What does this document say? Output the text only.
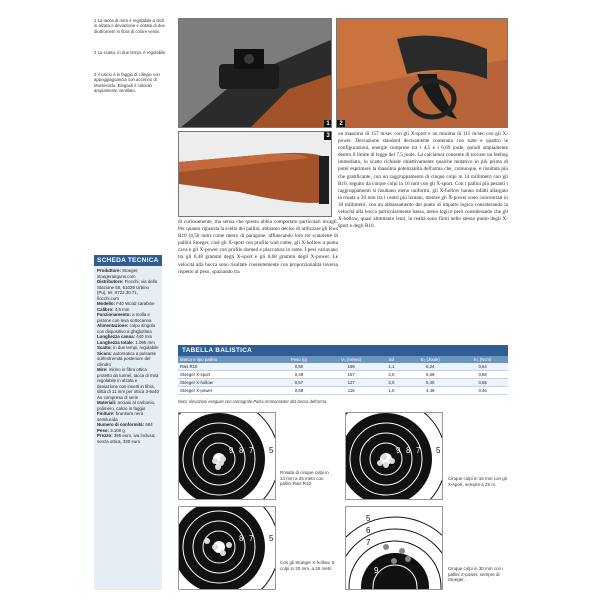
1 La tacca di mira è regolabile a click in alzata e deviazione e dotata di due diottrometri in fibra di colore verde.
2 La scatto, in due tempi, è regolabile.
3 Il calcio è in faggio di ciliegio con appoggiaguancia con accenno di Montecarlo. Eleganti il calciolo ampiamente ventilato.
1	2
3	un massimo di 157 m/sec con gli X-sport e un minimo di 115 m/sec con gli X-power. Deviazione standard decisamente contenuta con tutte e quattro le configurazioni, energie comprese tra i 4,5 e i 6,69 joule, quindi ampiamente dentro il limite di legge del 7,5 joule. La calciatura consente di trovare un feeling immediato, lo scatto richiede obiettivamente qualche tentativo in più prima di poter esprimere la massima potenzialità dell'arma che, comunque, è risultata più che gratificante, con un raggruppamento di cinque colpi in 14 millimetri con gli R10, seguito da cinque colpi in 16 mm con gli X-sport. Con i pallini più pesanti i raggruppamenti si risultano meno uniformi, gli X-hollow hanno infatti allargato la rosata a 20 mm tra i centri più lontani, mentre gli X-power sono concentrati in 30 millimetri, con un abbassamento del punto di impatto logico considerando la velocità alla bocca particolarmente bassa, meno logico però considerando che gli X-hollow, quasi altrettanto lenti, in realtà sono finiti nello stesso punto degli X-sport e degli R10.
di curiosamente, ma senza che questo abbia comportato particolari incagli. Per quanto riguarda la scelta dei pallini, abbiamo deciso di utilizzare gli Rws R10 (4,50 mm) come metro di paragone, affiancando loro tre scatolette di pallini Stoeger, cioè gli X-sport con profilo wad cutter, gli X-hollow a punta cava e gli X-power con profilo domed e placcatura in rame. I pesi variavano tra gli 0,48 grammi degli X-sport e gli 0,68 grammi degli X-power. Le velocità alla bocca sono risultate coerentemente con proporzionalità inversa rispetto al peso, spaziando tra
SCHEDA TECNICA
Produttore: Stoeger, stoegerairguns.com
Distributore: Fiocchi, via della Stazione 50, 61029 Urbino (Pu), tel. 0722.30.71, fiocchi.com
Modello: F40 Wood carabine
Calibro: 4,5 mm
Funzionamento: a molla e pistone con leva sottocanna
Alimentazione: colpo singolo con dispositivo a ghigliottina
Lunghezza canna: 440 mm
Lunghezza totale: 1.095 mm
Scatto: in due tempi, regolabile
Sicura: automatica a pulsante sull'estremità posteriore del cilindro
Mire: mirino in fibra ottica protetto da tunnel, tacca di mira regolabile in alzata e deviazione con inserti in fibra, slitta di 11 mm per ottica 3-9x40 Ao compresa di serie
Materiali: acciaio al carbonio, polimero, calcio in faggio
Finiture: brunitura nera semilucida
Numero di conformità: 664
Peso: 3.100 g
Prezzo: 395 euro, iva inclusa; senza ottica, 330 euro
TABELLA BALISTICA
Marca e tipo pallino	Peso (g)	V₀ (m/sec)	Sd	E₀ (Joule)	E₀ (Ncm)
Rws R10	0,50	156	1,1	6,24	0,64
Stoeger X-sport	0,48	157	2,0	6,69	0,68
Stoeger X-hollow	0,57	127	3,0	5,40	0,55
Stoeger X-power	0,68	115	1,0	4,49	0,46
Nota: rilevazioni eseguite con cronografo Pulsa Ammomaster alla bocca dell'arma.
9 8 7 6 5
Rosata di cinque colpi in 14 mm a 25 metri con pallini Rws R10.
9 8 7 6 5
Cinque colpi in 16 mm con gli X-sport, sempre a 25 m.
8 7 6 5
Con gli Stoeger X-hollow, 5 colpi in 20 mm, a 25 metri.
5
6
7
8
9	Cinque colpi in 30 mm con i pallini X-power, sempre di Stoeger.
